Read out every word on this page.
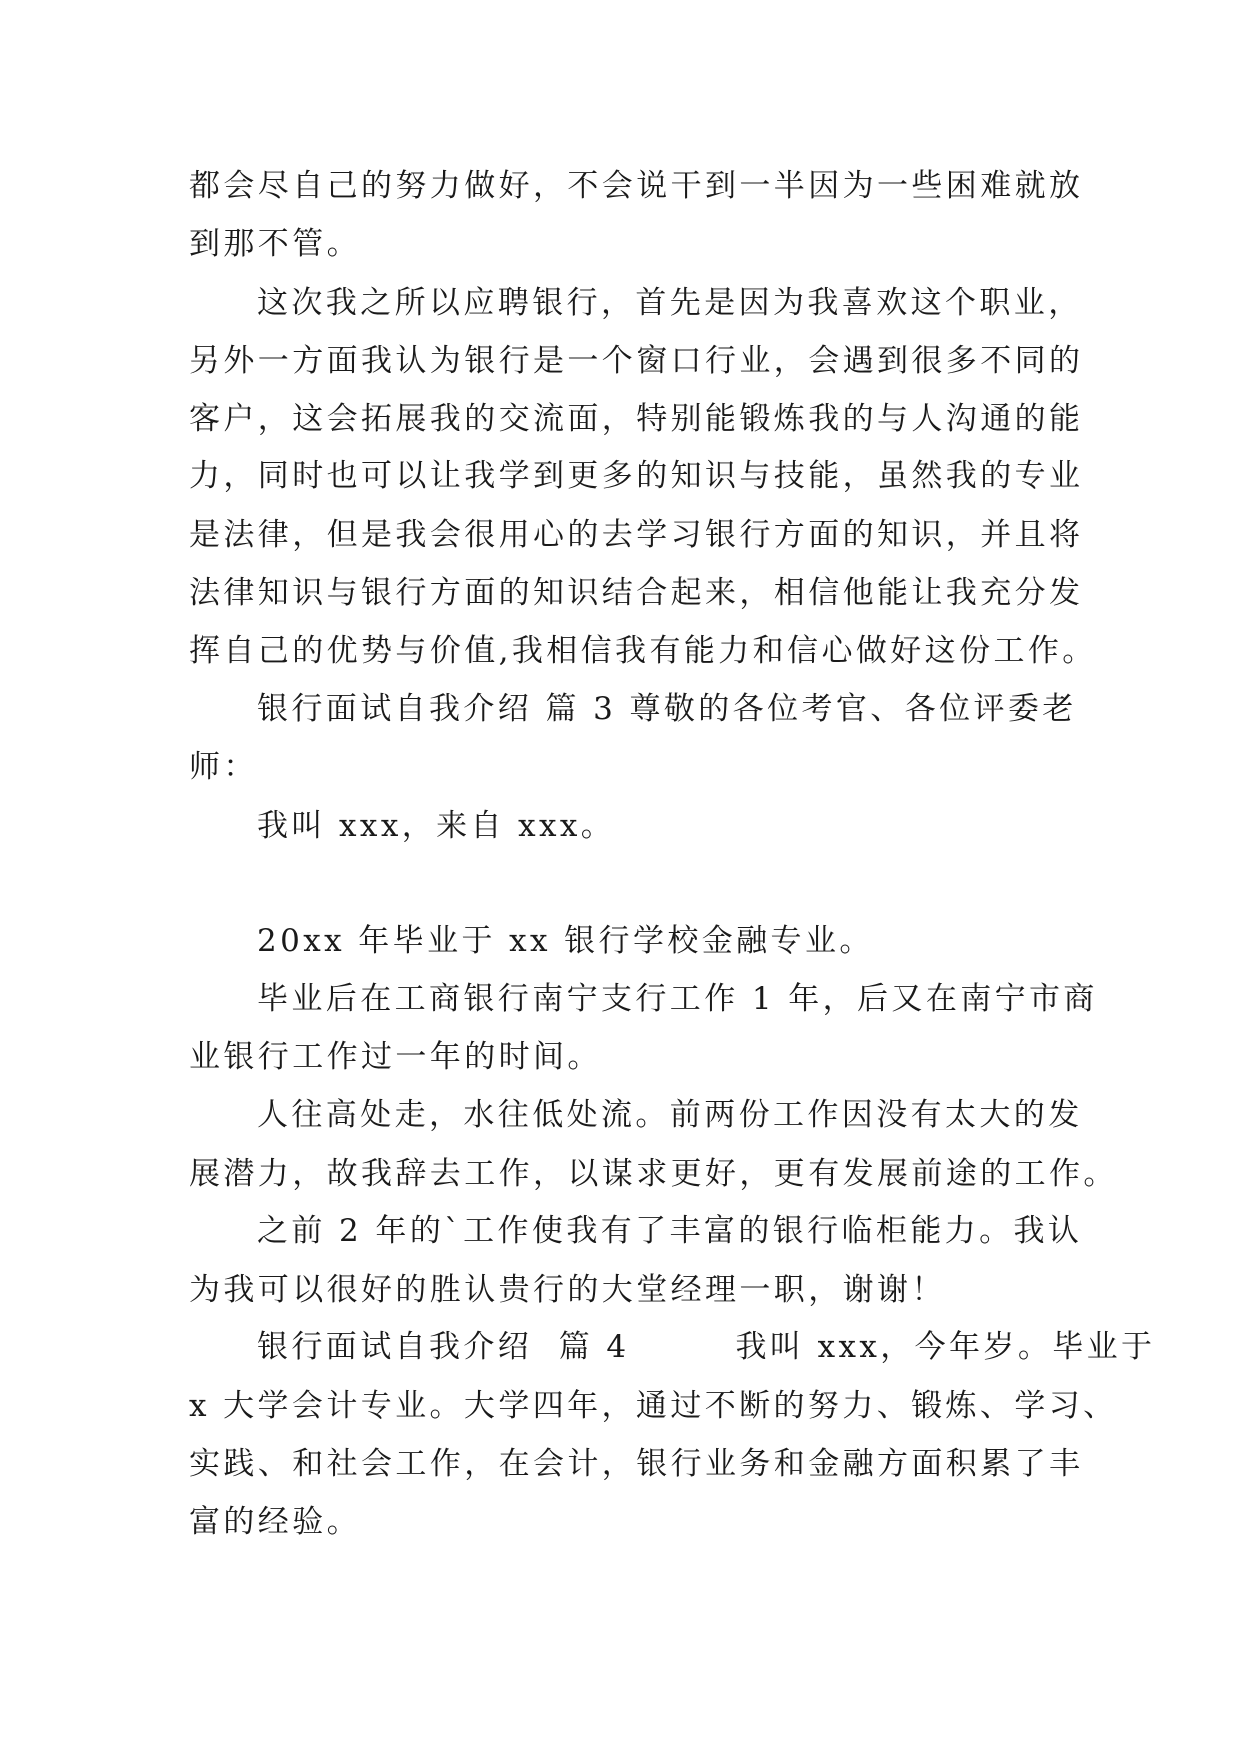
都会尽自己的努力做好，不会说干到一半因为一些困难就放

到那不管。

这次我之所以应聘银行，首先是因为我喜欢这个职业，

另外一方面我认为银行是一个窗口行业，会遇到很多不同的

客户，这会拓展我的交流面，特别能锻炼我的与人沟通的能

力，同时也可以让我学到更多的知识与技能，虽然我的专业

是法律，但是我会很用心的去学习银行方面的知识，并且将

法律知识与银行方面的知识结合起来，相信他能让我充分发

挥自己的优势与价值,我相信我有能力和信心做好这份工作。

银行面试自我介绍 篇 3 尊敬的各位考官、各位评委老

师：

我叫 xxx，来自 xxx。

20xx 年毕业于 xx 银行学校金融专业。

毕业后在工商银行南宁支行工作 1 年，后又在南宁市商

业银行工作过一年的时间。

人往高处走，水往低处流。前两份工作因没有太大的发

展潜力，故我辞去工作，以谋求更好，更有发展前途的工作。

之前 2 年的`工作使我有了丰富的银行临柜能力。我认

为我可以很好的胜认贵行的大堂经理一职，谢谢！

银行面试自我介绍  篇 4        我叫 xxx，今年岁。毕业于

x 大学会计专业。大学四年，通过不断的努力、锻炼、学习、

实践、和社会工作，在会计，银行业务和金融方面积累了丰

富的经验。
